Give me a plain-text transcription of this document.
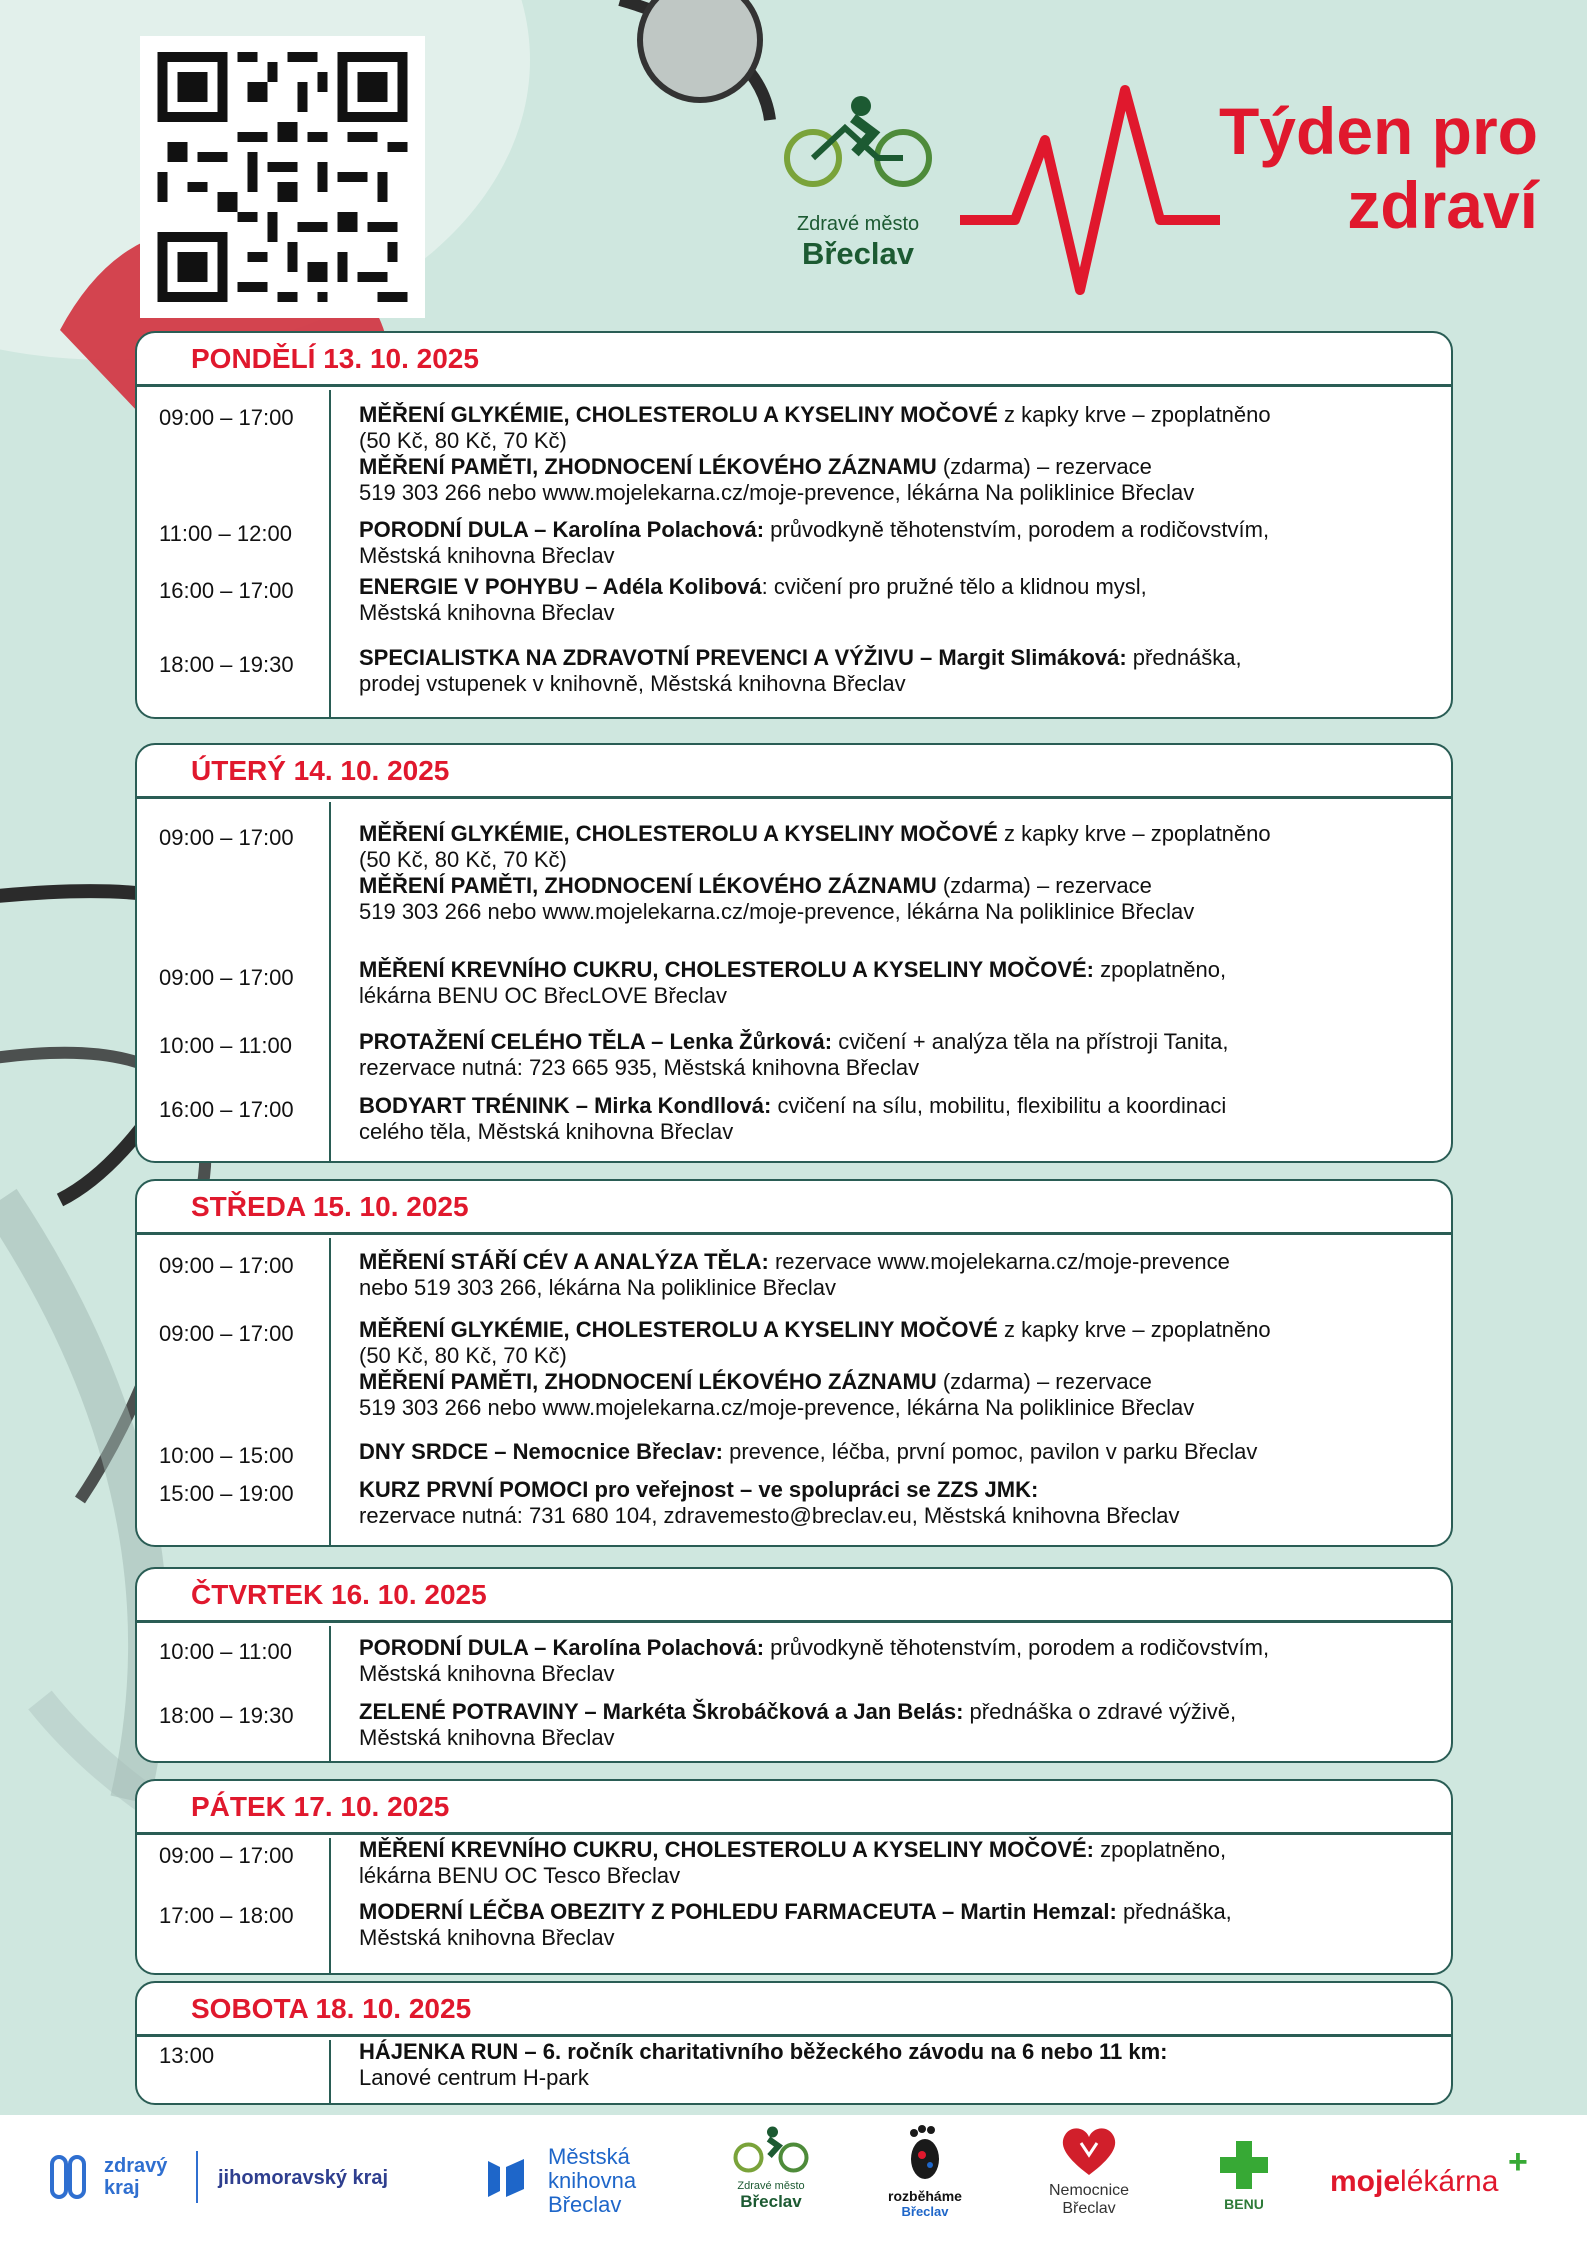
Zdravé město
Břeclav
Týden pro
zdraví
PONDĚLÍ 13. 10. 2025
09:00 – 17:00	MĚŘENÍ GLYKÉMIE, CHOLESTEROLU A KYSELINY MOČOVÉ z kapky krve – zpoplatněno
(50 Kč, 80 Kč, 70 Kč)
MĚŘENÍ PAMĚTI, ZHODNOCENÍ LÉKOVÉHO ZÁZNAMU (zdarma) – rezervace
519 303 266 nebo www.mojelekarna.cz/moje-prevence, lékárna Na poliklinice Břeclav
11:00 – 12:00	PORODNÍ DULA – Karolína Polachová: průvodkyně těhotenstvím, porodem a rodičovstvím,
Městská knihovna Břeclav
16:00 – 17:00	ENERGIE V POHYBU – Adéla Kolibová: cvičení pro pružné tělo a klidnou mysl,
Městská knihovna Břeclav
18:00 – 19:30	SPECIALISTKA NA ZDRAVOTNÍ PREVENCI A VÝŽIVU – Margit Slimáková: přednáška,
prodej vstupenek v knihovně, Městská knihovna Břeclav
ÚTERÝ 14. 10. 2025
09:00 – 17:00	MĚŘENÍ GLYKÉMIE, CHOLESTEROLU A KYSELINY MOČOVÉ z kapky krve – zpoplatněno
(50 Kč, 80 Kč, 70 Kč)
MĚŘENÍ PAMĚTI, ZHODNOCENÍ LÉKOVÉHO ZÁZNAMU (zdarma) – rezervace
519 303 266 nebo www.mojelekarna.cz/moje-prevence, lékárna Na poliklinice Břeclav
09:00 – 17:00	MĚŘENÍ KREVNÍHO CUKRU, CHOLESTEROLU A KYSELINY MOČOVÉ: zpoplatněno,
lékárna BENU OC BřecLOVE Břeclav
10:00 – 11:00	PROTAŽENÍ CELÉHO TĚLA – Lenka Žůrková: cvičení + analýza těla na přístroji Tanita,
rezervace nutná: 723 665 935, Městská knihovna Břeclav
16:00 – 17:00	BODYART TRÉNINK – Mirka Kondllová: cvičení na sílu, mobilitu, flexibilitu a koordinaci
celého těla, Městská knihovna Břeclav
STŘEDA 15. 10. 2025
09:00 – 17:00	MĚŘENÍ STÁŘÍ CÉV A ANALÝZA TĚLA: rezervace www.mojelekarna.cz/moje-prevence
nebo 519 303 266, lékárna Na poliklinice Břeclav
09:00 – 17:00	MĚŘENÍ GLYKÉMIE, CHOLESTEROLU A KYSELINY MOČOVÉ z kapky krve – zpoplatněno
(50 Kč, 80 Kč, 70 Kč)
MĚŘENÍ PAMĚTI, ZHODNOCENÍ LÉKOVÉHO ZÁZNAMU (zdarma) – rezervace
519 303 266 nebo www.mojelekarna.cz/moje-prevence, lékárna Na poliklinice Břeclav
10:00 – 15:00	DNY SRDCE – Nemocnice Břeclav: prevence, léčba, první pomoc, pavilon v parku Břeclav
15:00 – 19:00	KURZ PRVNÍ POMOCI pro veřejnost – ve spolupráci se ZZS JMK:
rezervace nutná: 731 680 104, zdravemesto@breclav.eu, Městská knihovna Břeclav
ČTVRTEK 16. 10. 2025
10:00 – 11:00	PORODNÍ DULA – Karolína Polachová: průvodkyně těhotenstvím, porodem a rodičovstvím,
Městská knihovna Břeclav
18:00 – 19:30	ZELENÉ POTRAVINY – Markéta Škrobáčková a Jan Belás: přednáška o zdravé výživě,
Městská knihovna Břeclav
PÁTEK 17. 10. 2025
09:00 – 17:00	MĚŘENÍ KREVNÍHO CUKRU, CHOLESTEROLU A KYSELINY MOČOVÉ: zpoplatněno,
lékárna BENU OC Tesco Břeclav
17:00 – 18:00	MODERNÍ LÉČBA OBEZITY Z POHLEDU FARMACEUTA – Martin Hemzal: přednáška,
Městská knihovna Břeclav
SOBOTA 18. 10. 2025
13:00	HÁJENKA RUN – 6. ročník charitativního běžeckého závodu na 6 nebo 11 km:
Lanové centrum H-park
zdravý
kraj	jihomoravský kraj
Městská
knihovna
Břeclav
Zdravé město
Břeclav	rozběháme
Břeclav
Nemocnice
Břeclav	BENU
mojelékárna
+
